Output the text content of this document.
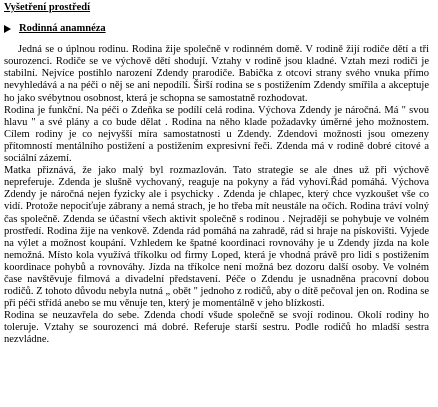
Vyšetření prostředí
Rodinná anamnéza

Jedná se o úplnou rodinu. Rodina žije společně v rodinném domě. V rodině žijí rodiče dětí a tři sourozenci. Rodiče se ve výchově dětí shodují. Vztahy v rodině jsou kladné. Vztah mezi rodiči je stabilní. Nejvíce postihlo narození Zdendy prarodiče. Babička z otcovi strany svého vnuka přímo nevyhledává a na péči o něj se ani nepodílí. Širší rodina se s postižením Zdendy smířila a akceptuje ho jako svébytnou osobnost, která je schopna se samostatně rozhodovat.

Rodina je funkční. Na péči o Zdeňka se podílí celá rodina. Výchova Zdendy je náročná. Má " svou hlavu " a své plány a co bude dělat . Rodina na něho klade požadavky úměrné jeho možnostem. Cílem rodiny je co nejvyšší míra samostatnosti u Zdendy. Zdendovi možnosti jsou omezeny přítomností mentálního postižení a postižením expresivní řeči. Zdenda má v rodině dobré citové a sociální zázemí.

Matka přiznává, že jako malý byl rozmazlován. Tato strategie se ale dnes už při výchově nepreferuje. Zdenda je slušně vychovaný, reaguje na pokyny a řád vyhoví.Řád pomáhá. Výchova Zdendy je náročná nejen fyzicky ale i psychicky . Zdenda je chlapec, který chce vyzkoušet vše co vidí. Protože nepociťuje zábrany a nemá strach, je ho třeba mít neustále na očích. Rodina tráví volný čas společně. Zdenda se účastní všech aktivit společně s rodinou . Nejraději se pohybuje ve volném prostředí. Rodina žije na venkově. Zdenda rád pomáhá na zahradě, rád si hraje na pískovišti. Vyjede na výlet a možnost koupání. Vzhledem ke špatné koordinaci rovnováhy je u Zdendy jízda na kole nemožná. Místo kola využívá tříkolku od firmy Loped, která je vhodná právě pro lidi s postižením koordinace pohybů a rovnováhy. Jízda na tříkolce není možná bez dozoru další osoby. Ve volném čase navštěvuje filmová a divadelní představení. Péče o Zdendu je usnadněna pracovní dobou rodičů. Z tohoto důvodu nebyla nutná „ obět " jednoho z rodičů, aby o dítě pečoval jen on. Rodina se při péči střídá anebo se mu věnuje ten, který je momentálně v jeho blízkosti.

Rodina se neuzavřela do sebe. Zdenda chodí všude společně se svojí rodinou. Okolí rodiny ho toleruje. Vztahy se sourozenci má dobré. Referuje starší sestru. Podle rodičů ho mladší sestra nezvládne.
